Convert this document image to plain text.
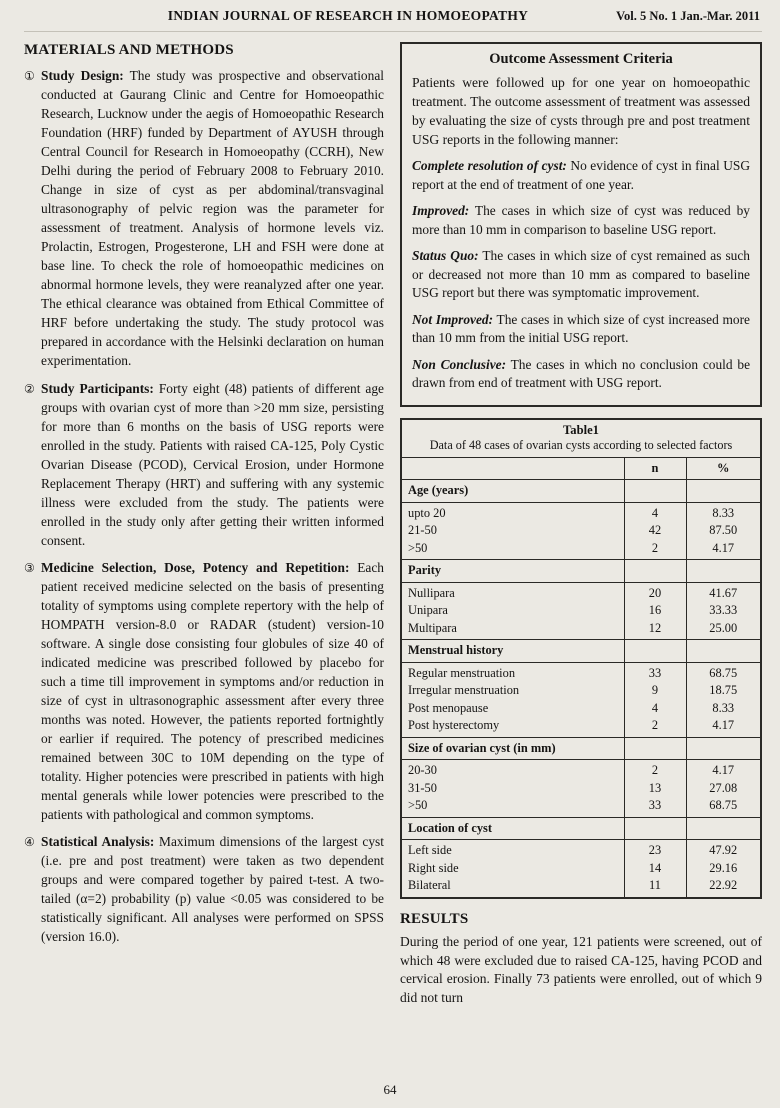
INDIAN JOURNAL OF RESEARCH IN HOMOEOPATHY	Vol. 5 No. 1 Jan.-Mar. 2011
MATERIALS AND METHODS
① Study Design: The study was prospective and observational conducted at Gaurang Clinic and Centre for Homoeopathic Research, Lucknow under the aegis of Homoeopathic Research Foundation (HRF) funded by Department of AYUSH through Central Council for Research in Homoeopathy (CCRH), New Delhi during the period of February 2008 to February 2010. Change in size of cyst as per abdominal/transvaginal ultrasonography of pelvic region was the parameter for assessment of treatment. Analysis of hormone levels viz. Prolactin, Estrogen, Progesterone, LH and FSH were done at base line. To check the role of homoeopathic medicines on abnormal hormone levels, they were reanalyzed after one year. The ethical clearance was obtained from Ethical Committee of HRF before undertaking the study. The study protocol was prepared in accordance with the Helsinki declaration on human experimentation.
② Study Participants: Forty eight (48) patients of different age groups with ovarian cyst of more than >20 mm size, persisting for more than 6 months on the basis of USG reports were enrolled in the study. Patients with raised CA-125, Poly Cystic Ovarian Disease (PCOD), Cervical Erosion, under Hormone Replacement Therapy (HRT) and suffering with any systemic illness were excluded from the study. The patients were enrolled in the study only after getting their written informed consent.
③ Medicine Selection, Dose, Potency and Repetition: Each patient received medicine selected on the basis of presenting totality of symptoms using complete repertory with the help of HOMPATH version-8.0 or RADAR (student) version-10 software. A single dose consisting four globules of size 40 of indicated medicine was prescribed followed by placebo for such a time till improvement in symptoms and/or reduction in size of cyst in ultrasonographic assessment after every three months was noted. However, the patients reported fortnightly or earlier if required. The potency of prescribed medicines remained between 30C to 10M depending on the type of totality. Higher potencies were prescribed in patients with high mental generals while lower potencies were prescribed to the patients with pathological and common symptoms.
④ Statistical Analysis: Maximum dimensions of the largest cyst (i.e. pre and post treatment) were taken as two dependent groups and were compared together by paired t-test. A two-tailed (α=2) probability (p) value <0.05 was considered to be statistically significant. All analyses were performed on SPSS (version 16.0).
Outcome Assessment Criteria

Patients were followed up for one year on homoeopathic treatment. The outcome assessment of treatment was assessed by evaluating the size of cysts through pre and post treatment USG reports in the following manner:

Complete resolution of cyst: No evidence of cyst in final USG report at the end of treatment of one year.

Improved: The cases in which size of cyst was reduced by more than 10 mm in comparison to baseline USG report.

Status Quo: The cases in which size of cyst remained as such or decreased not more than 10 mm as compared to baseline USG report but there was symptomatic improvement.

Not Improved: The cases in which size of cyst increased more than 10 mm from the initial USG report.

Non Conclusive: The cases in which no conclusion could be drawn from end of treatment with USG report.

Table1
Data of 48 cases of ovarian cysts according to selected factors
	n	%
Age (years)		
upto 20	4	8.33
21-50	42	87.50
>50	2	4.17
Parity		
Nullipara	20	41.67
Unipara	16	33.33
Multipara	12	25.00
Menstrual history		
Regular menstruation	33	68.75
Irregular menstruation	9	18.75
Post menopause	4	8.33
Post hysterectomy	2	4.17
Size of ovarian cyst (in mm)		
20-30	2	4.17
31-50	13	27.08
>50	33	68.75
Location of cyst		
Left side	23	47.92
Right side	14	29.16
Bilateral	11	22.92
RESULTS

During the period of one year, 121 patients were screened, out of which 48 were excluded due to raised CA-125, having PCOD and cervical erosion. Finally 73 patients were enrolled, out of which 9 did not turn

64
